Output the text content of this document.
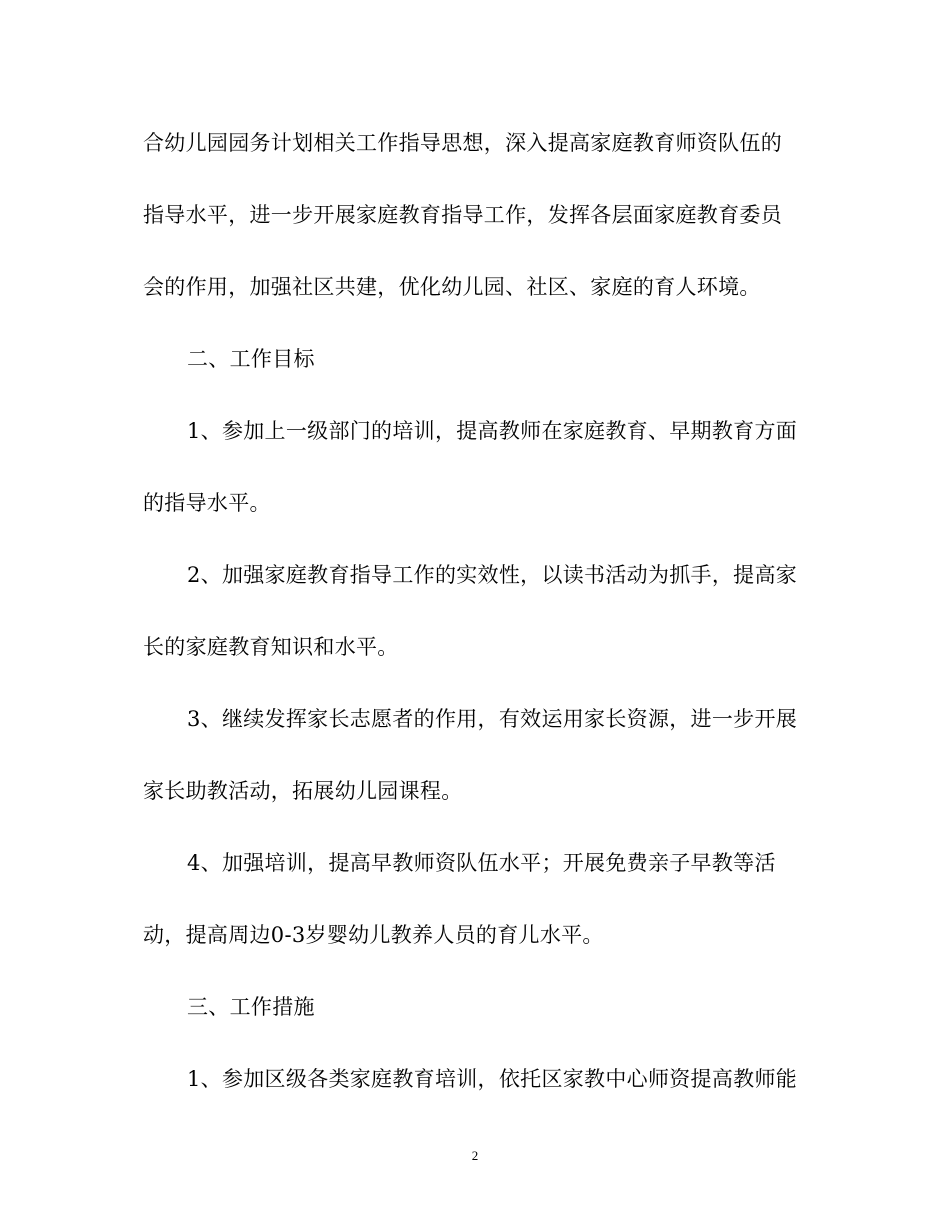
合幼儿园园务计划相关工作指导思想，深入提高家庭教育师资队伍的
指导水平，进一步开展家庭教育指导工作，发挥各层面家庭教育委员
会的作用，加强社区共建，优化幼儿园、社区、家庭的育人环境。
二、工作目标
1、参加上一级部门的培训，提高教师在家庭教育、早期教育方面
的指导水平。
2、加强家庭教育指导工作的实效性，以读书活动为抓手，提高家
长的家庭教育知识和水平。
3、继续发挥家长志愿者的作用，有效运用家长资源，进一步开展
家长助教活动，拓展幼儿园课程。
4、加强培训，提高早教师资队伍水平；开展免费亲子早教等活
动，提高周边0-3岁婴幼儿教养人员的育儿水平。
三、工作措施
1、参加区级各类家庭教育培训，依托区家教中心师资提高教师能
2
